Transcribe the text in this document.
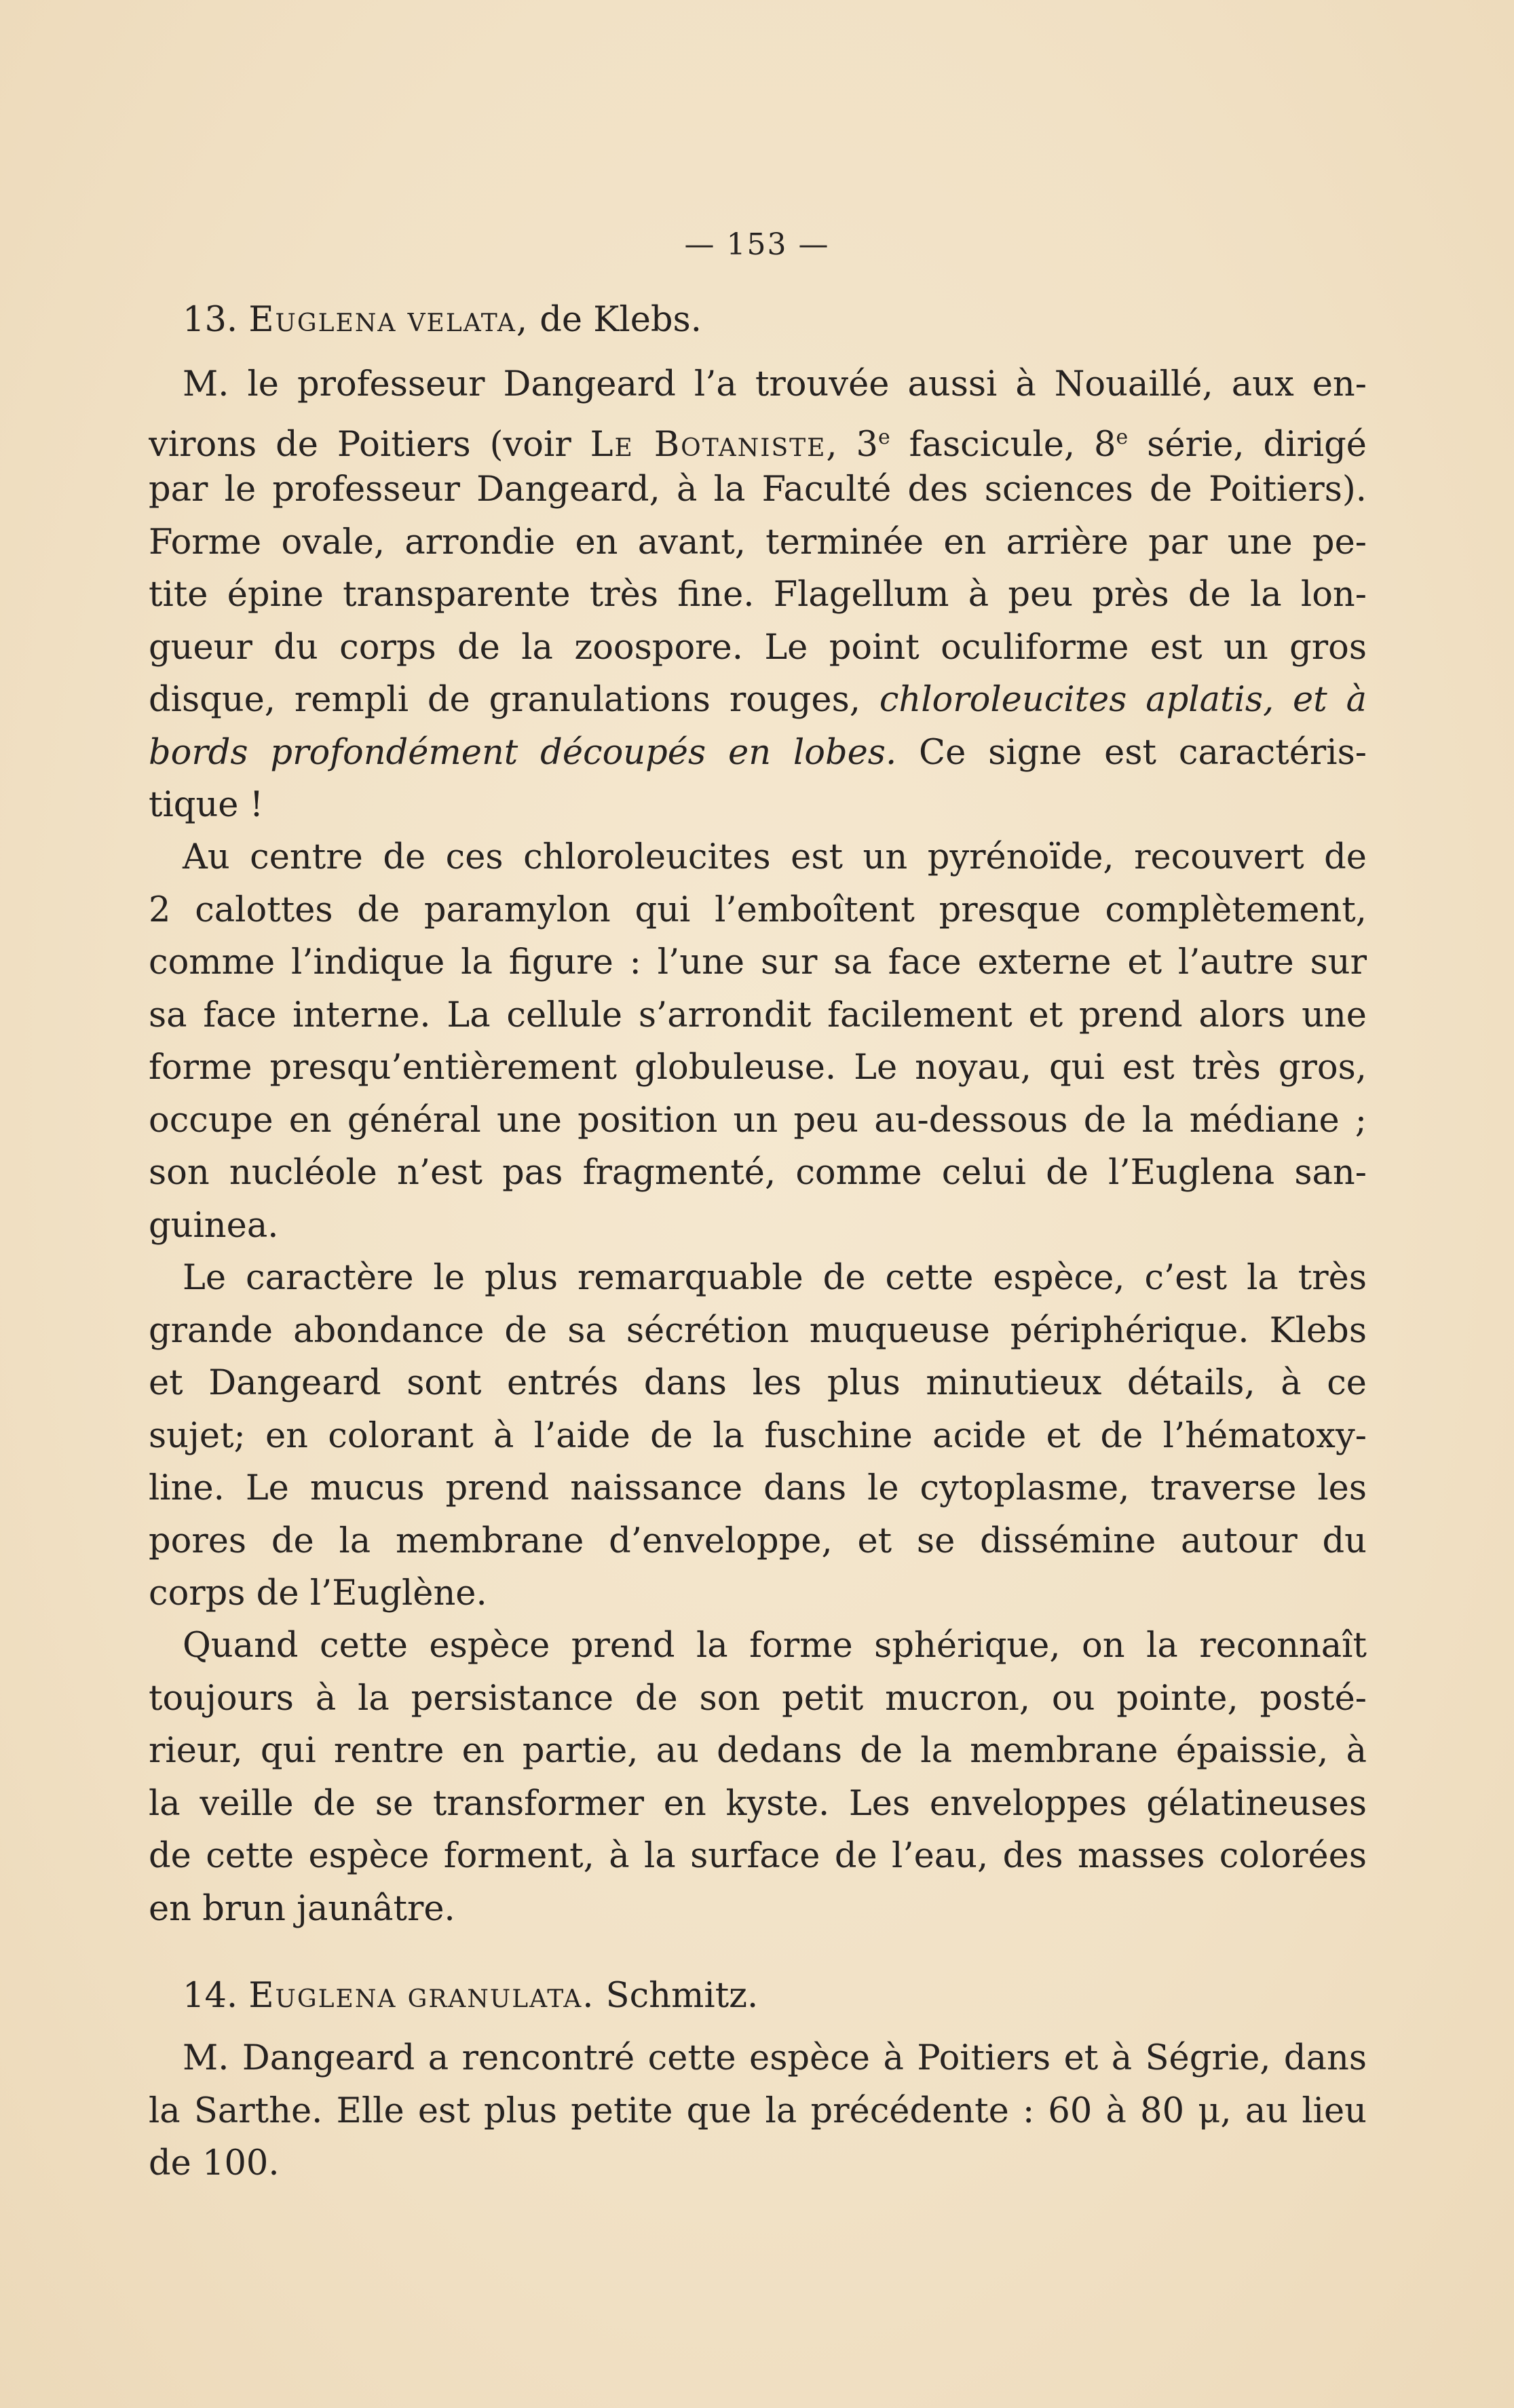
— 153 —
13. Euglena velata, de Klebs.
M. le professeur Dangeard l’a trouvée aussi à Nouaillé, aux en-
virons de Poitiers (voir Le Botaniste, 3e fascicule, 8e série, dirigé
par le professeur Dangeard, à la Faculté des sciences de Poitiers).
Forme ovale, arrondie en avant, terminée en arrière par une pe-
tite épine transparente très fine. Flagellum à peu près de la lon-
gueur du corps de la zoospore. Le point oculiforme est un gros
disque, rempli de granulations rouges, chloroleucites aplatis, et à
bords profondément découpés en lobes. Ce signe est caractéris-
tique !
Au centre de ces chloroleucites est un pyrénoïde, recouvert de
2 calottes de paramylon qui l’emboîtent presque complètement,
comme l’indique la figure : l’une sur sa face externe et l’autre sur
sa face interne. La cellule s’arrondit facilement et prend alors une
forme presqu’entièrement globuleuse. Le noyau, qui est très gros,
occupe en général une position un peu au-dessous de la médiane ;
son nucléole n’est pas fragmenté, comme celui de l’Euglena san-
guinea.
Le caractère le plus remarquable de cette espèce, c’est la très
grande abondance de sa sécrétion muqueuse périphérique. Klebs
et Dangeard sont entrés dans les plus minutieux détails, à ce
sujet; en colorant à l’aide de la fuschine acide et de l’hématoxy-
line. Le mucus prend naissance dans le cytoplasme, traverse les
pores de la membrane d’enveloppe, et se dissémine autour du
corps de l’Euglène.
Quand cette espèce prend la forme sphérique, on la reconnaît
toujours à la persistance de son petit mucron, ou pointe, posté-
rieur, qui rentre en partie, au dedans de la membrane épaissie, à
la veille de se transformer en kyste. Les enveloppes gélatineuses
de cette espèce forment, à la surface de l’eau, des masses colorées
en brun jaunâtre.
14. Euglena granulata. Schmitz.
M. Dangeard a rencontré cette espèce à Poitiers et à Ségrie, dans
la Sarthe. Elle est plus petite que la précédente : 60 à 80 μ, au lieu
de 100.
